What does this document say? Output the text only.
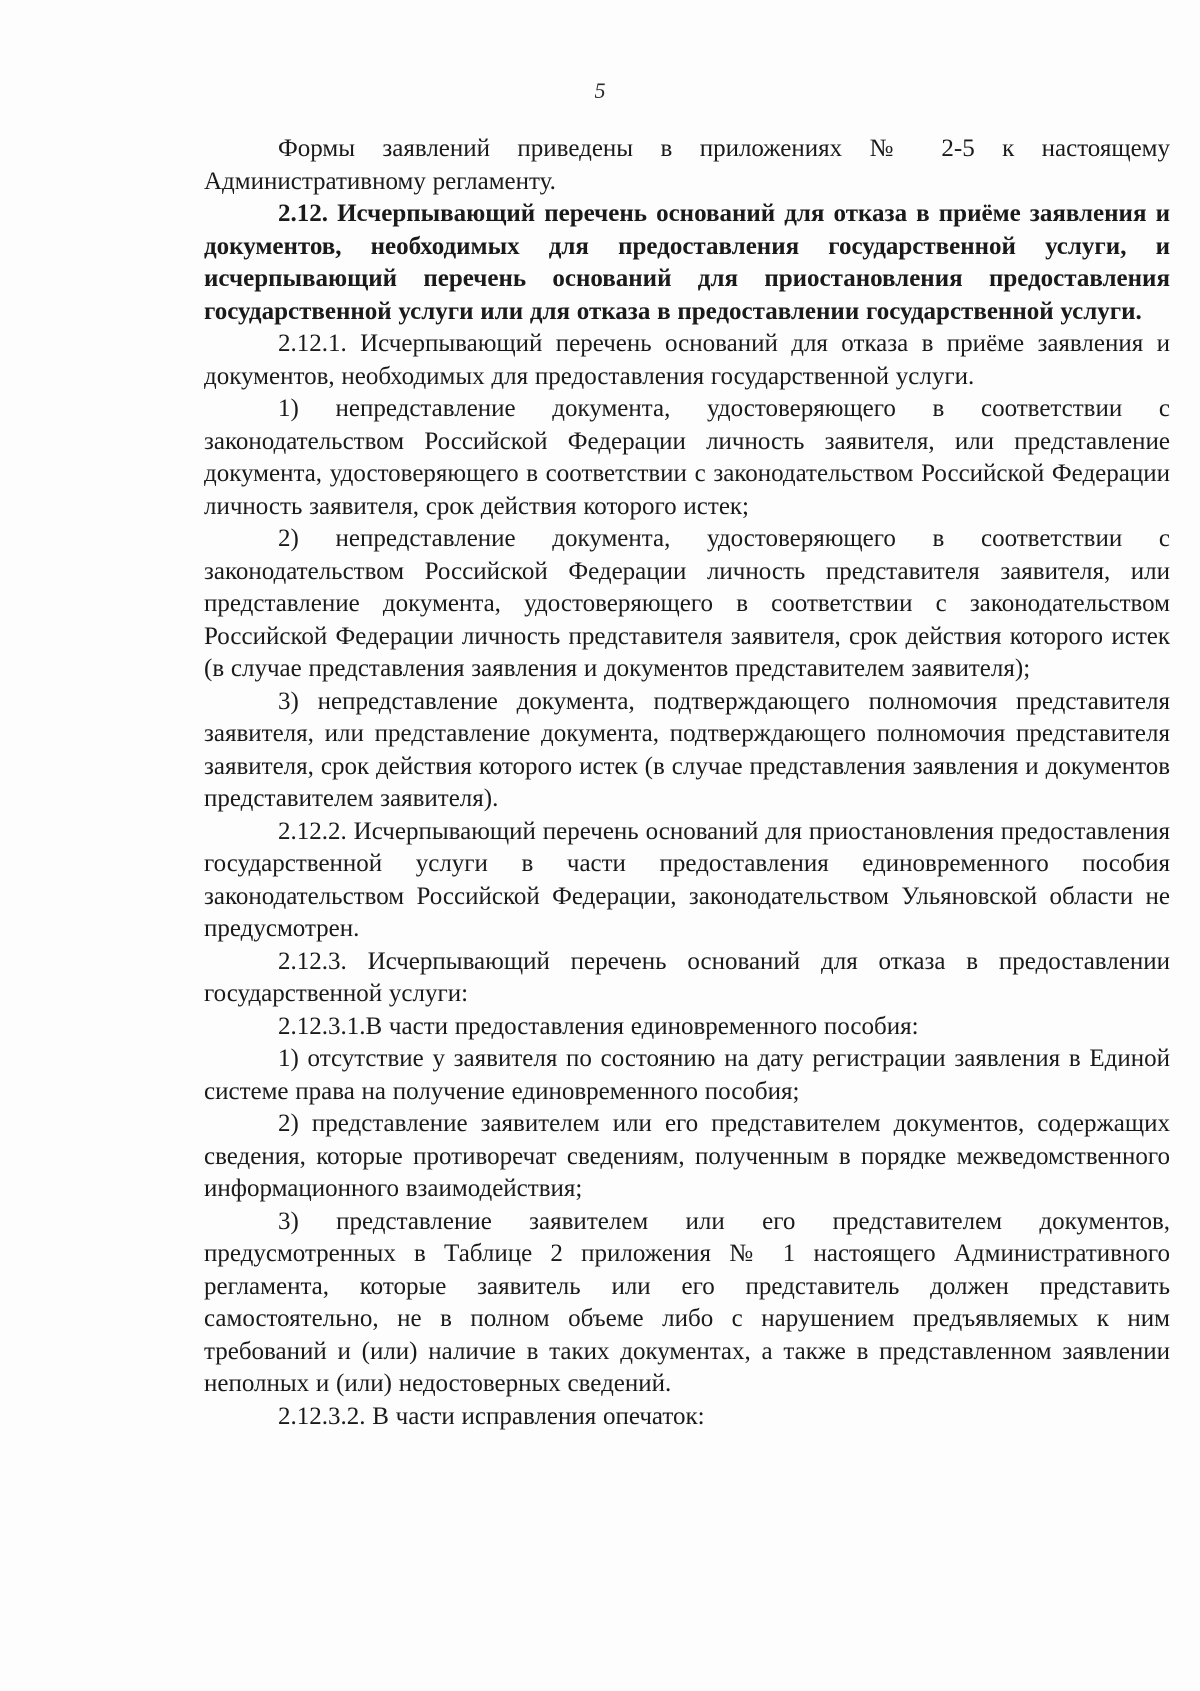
5

Формы заявлений приведены в приложениях № 2-5 к настоящему Административному регламенту.

2.12. Исчерпывающий перечень оснований для отказа в приёме заявления и документов, необходимых для предоставления государственной услуги, и исчерпывающий перечень оснований для приостановления предоставления государственной услуги или для отказа в предоставлении государственной услуги.

2.12.1. Исчерпывающий перечень оснований для отказа в приёме заявления и документов, необходимых для предоставления государственной услуги.

1) непредставление документа, удостоверяющего в соответствии с законодательством Российской Федерации личность заявителя, или представление документа, удостоверяющего в соответствии с законодательством Российской Федерации личность заявителя, срок действия которого истек;

2) непредставление документа, удостоверяющего в соответствии с законодательством Российской Федерации личность представителя заявителя, или представление документа, удостоверяющего в соответствии с законодательством Российской Федерации личность представителя заявителя, срок действия которого истек (в случае представления заявления и документов представителем заявителя);

3) непредставление документа, подтверждающего полномочия представителя заявителя, или представление документа, подтверждающего полномочия представителя заявителя, срок действия которого истек (в случае представления заявления и документов представителем заявителя).

2.12.2. Исчерпывающий перечень оснований для приостановления предоставления государственной услуги в части предоставления единовременного пособия законодательством Российской Федерации, законодательством Ульяновской области не предусмотрен.

2.12.3. Исчерпывающий перечень оснований для отказа в предоставлении государственной услуги:

2.12.3.1.В части предоставления единовременного пособия:

1) отсутствие у заявителя по состоянию на дату регистрации заявления в Единой системе права на получение единовременного пособия;

2) представление заявителем или его представителем документов, содержащих сведения, которые противоречат сведениям, полученным в порядке межведомственного информационного взаимодействия;

3) представление заявителем или его представителем документов, предусмотренных в Таблице 2 приложения № 1 настоящего Административного регламента, которые заявитель или его представитель должен представить самостоятельно, не в полном объеме либо с нарушением предъявляемых к ним требований и (или) наличие в таких документах, а также в представленном заявлении неполных и (или) недостоверных сведений.

2.12.3.2. В части исправления опечаток:
